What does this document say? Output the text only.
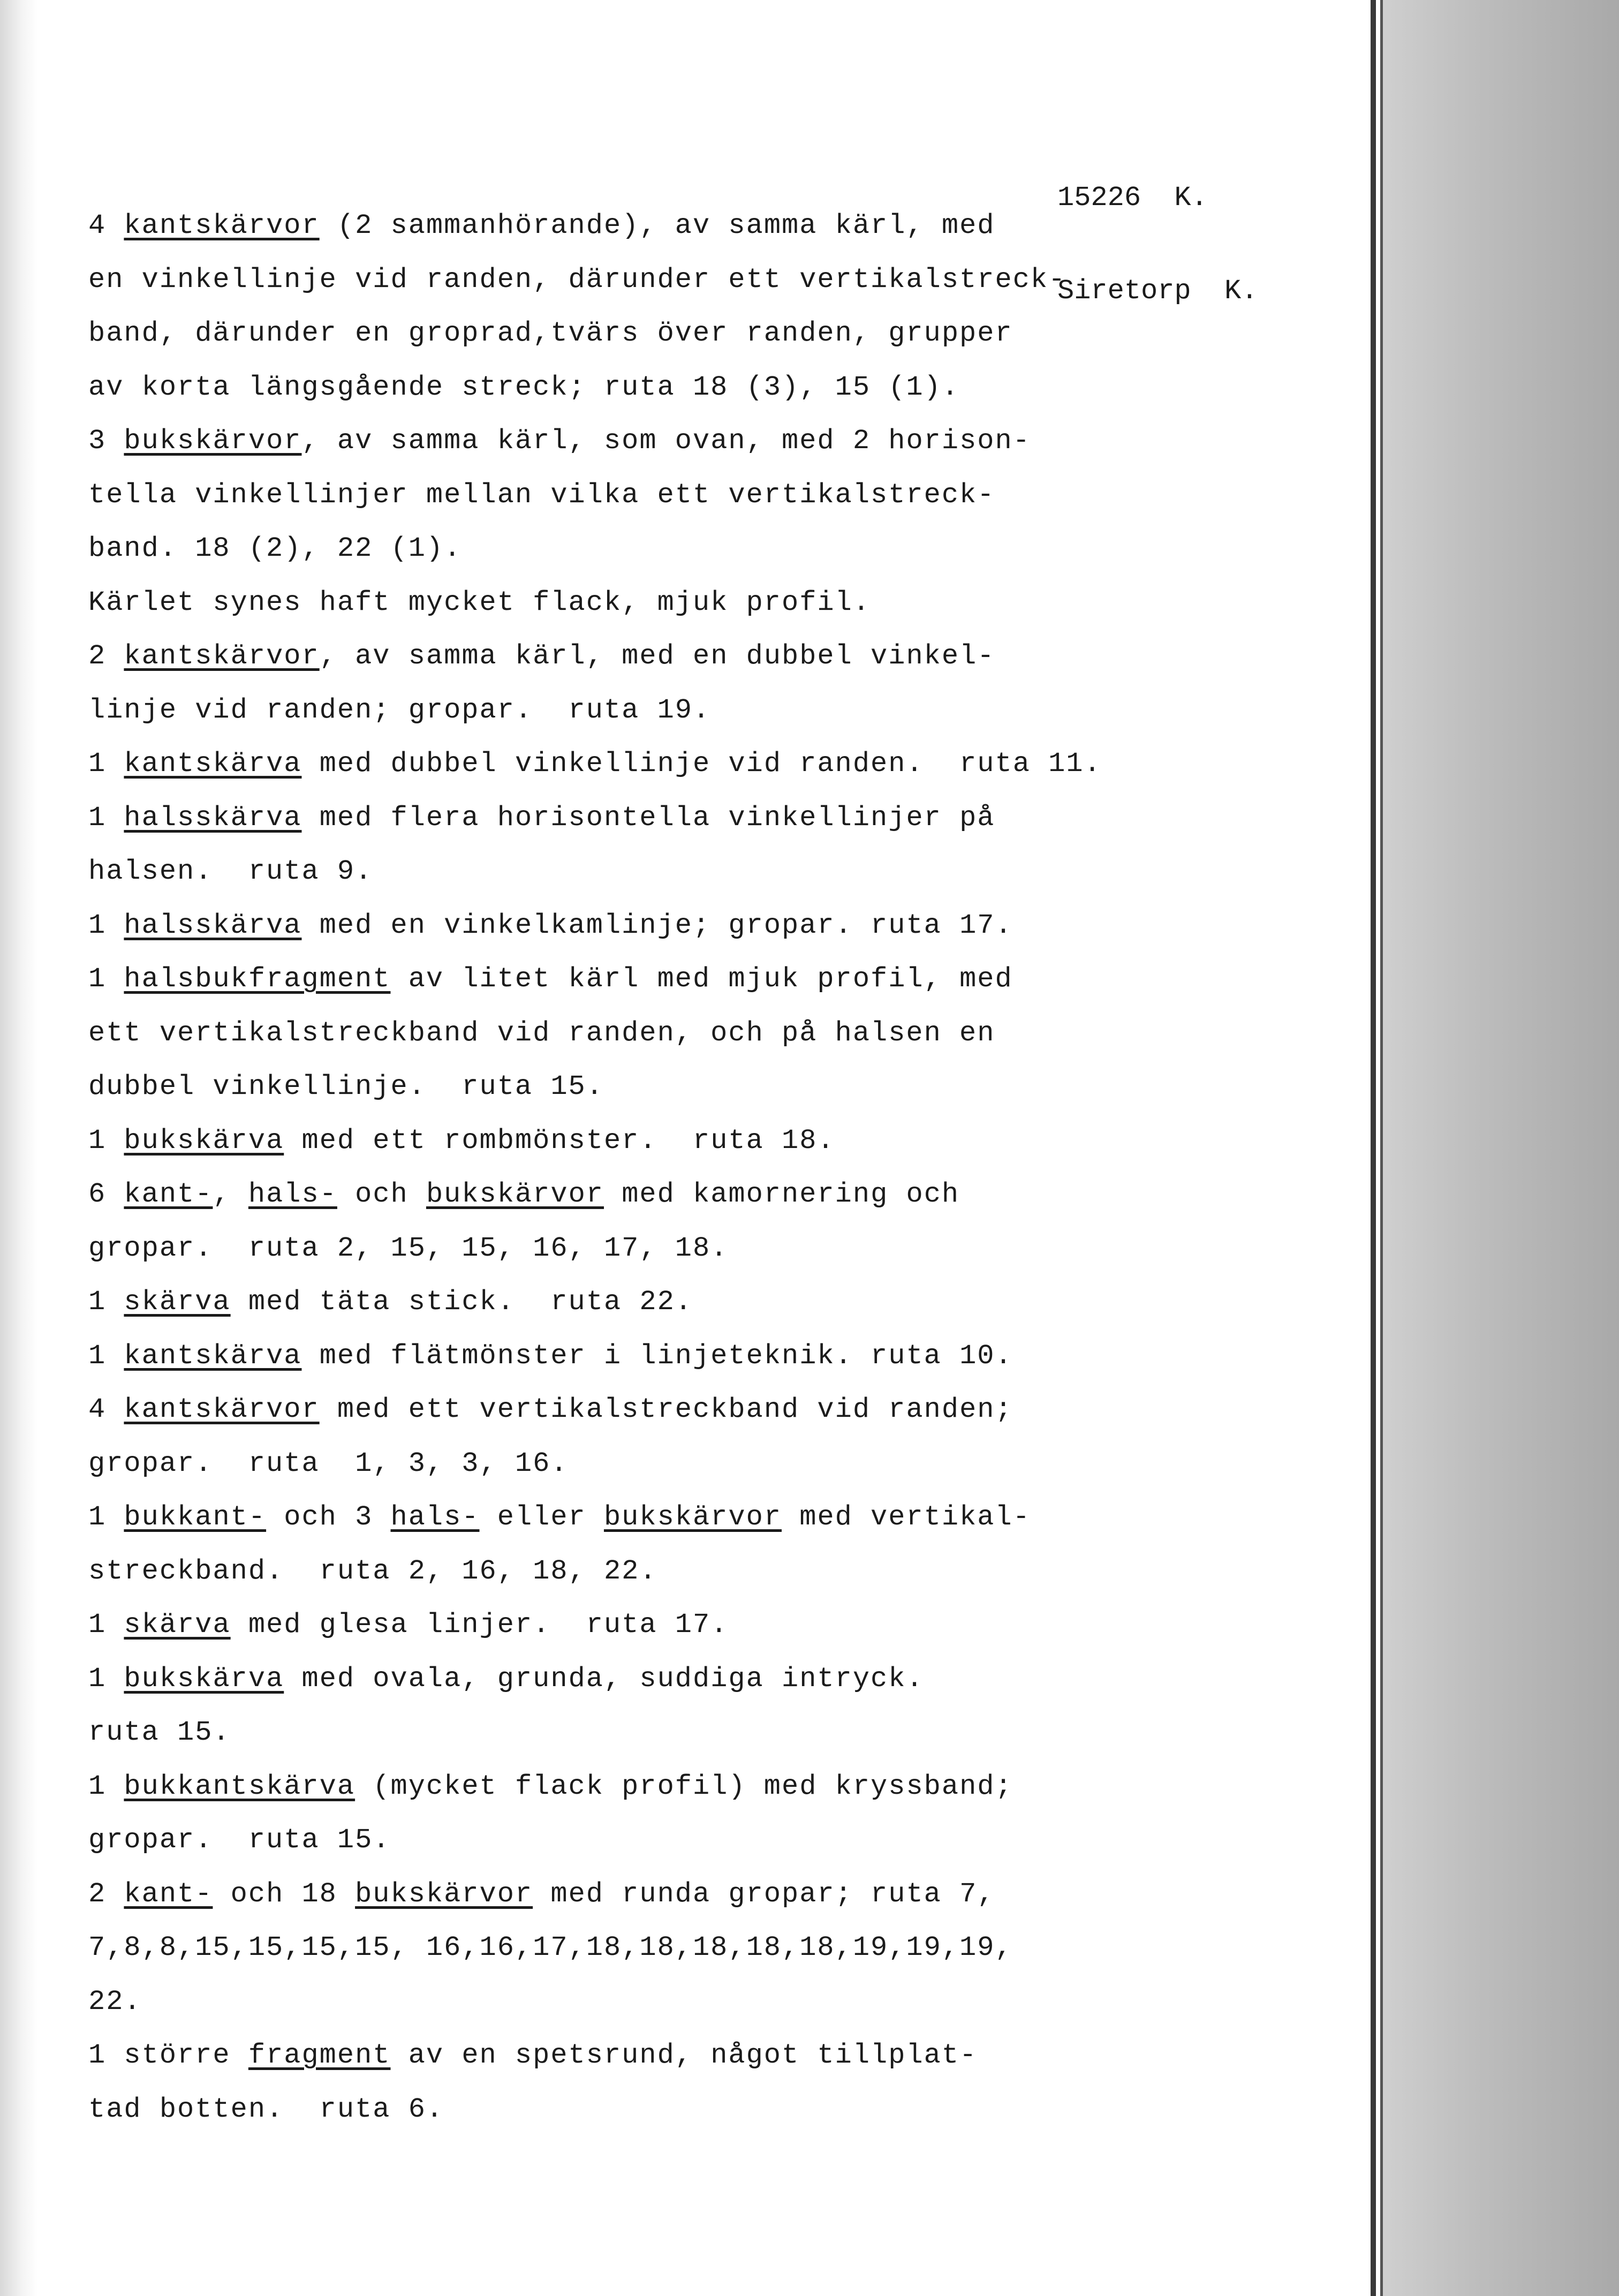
15226  K.

Siretorp  K.

4 kantskärvor (2 sammanhörande), av samma kärl, med
en vinkellinje vid randen, därunder ett vertikalstreck-
band, därunder en groprad,tvärs över randen, grupper
av korta längsgående streck; ruta 18 (3), 15 (1).
3 bukskärvor, av samma kärl, som ovan, med 2 horison-
tella vinkellinjer mellan vilka ett vertikalstreck-
band. 18 (2), 22 (1).
Kärlet synes haft mycket flack, mjuk profil.
2 kantskärvor, av samma kärl, med en dubbel vinkel-
linje vid randen; gropar.  ruta 19.
1 kantskärva med dubbel vinkellinje vid randen.  ruta 11.
1 halsskärva med flera horisontella vinkellinjer på
halsen.  ruta 9.
1 halsskärva med en vinkelkamlinje; gropar. ruta 17.
1 halsbukfragment av litet kärl med mjuk profil, med
ett vertikalstreckband vid randen, och på halsen en
dubbel vinkellinje.  ruta 15.
1 bukskärva med ett rombmönster.  ruta 18.
6 kant-, hals- och bukskärvor med kamornering och
gropar.  ruta 2, 15, 15, 16, 17, 18.
1 skärva med täta stick.  ruta 22.
1 kantskärva med flätmönster i linjeteknik. ruta 10.
4 kantskärvor med ett vertikalstreckband vid randen;
gropar.  ruta  1, 3, 3, 16.
1 bukkant- och 3 hals- eller bukskärvor med vertikal-
streckband.  ruta 2, 16, 18, 22.
1 skärva med glesa linjer.  ruta 17.
1 bukskärva med ovala, grunda, suddiga intryck.
ruta 15.
1 bukkantskärva (mycket flack profil) med kryssband;
gropar.  ruta 15.
2 kant- och 18 bukskärvor med runda gropar; ruta 7,
7,8,8,15,15,15,15, 16,16,17,18,18,18,18,18,19,19,19,
22.
1 större fragment av en spetsrund, något tillplat-
tad botten.  ruta 6.
